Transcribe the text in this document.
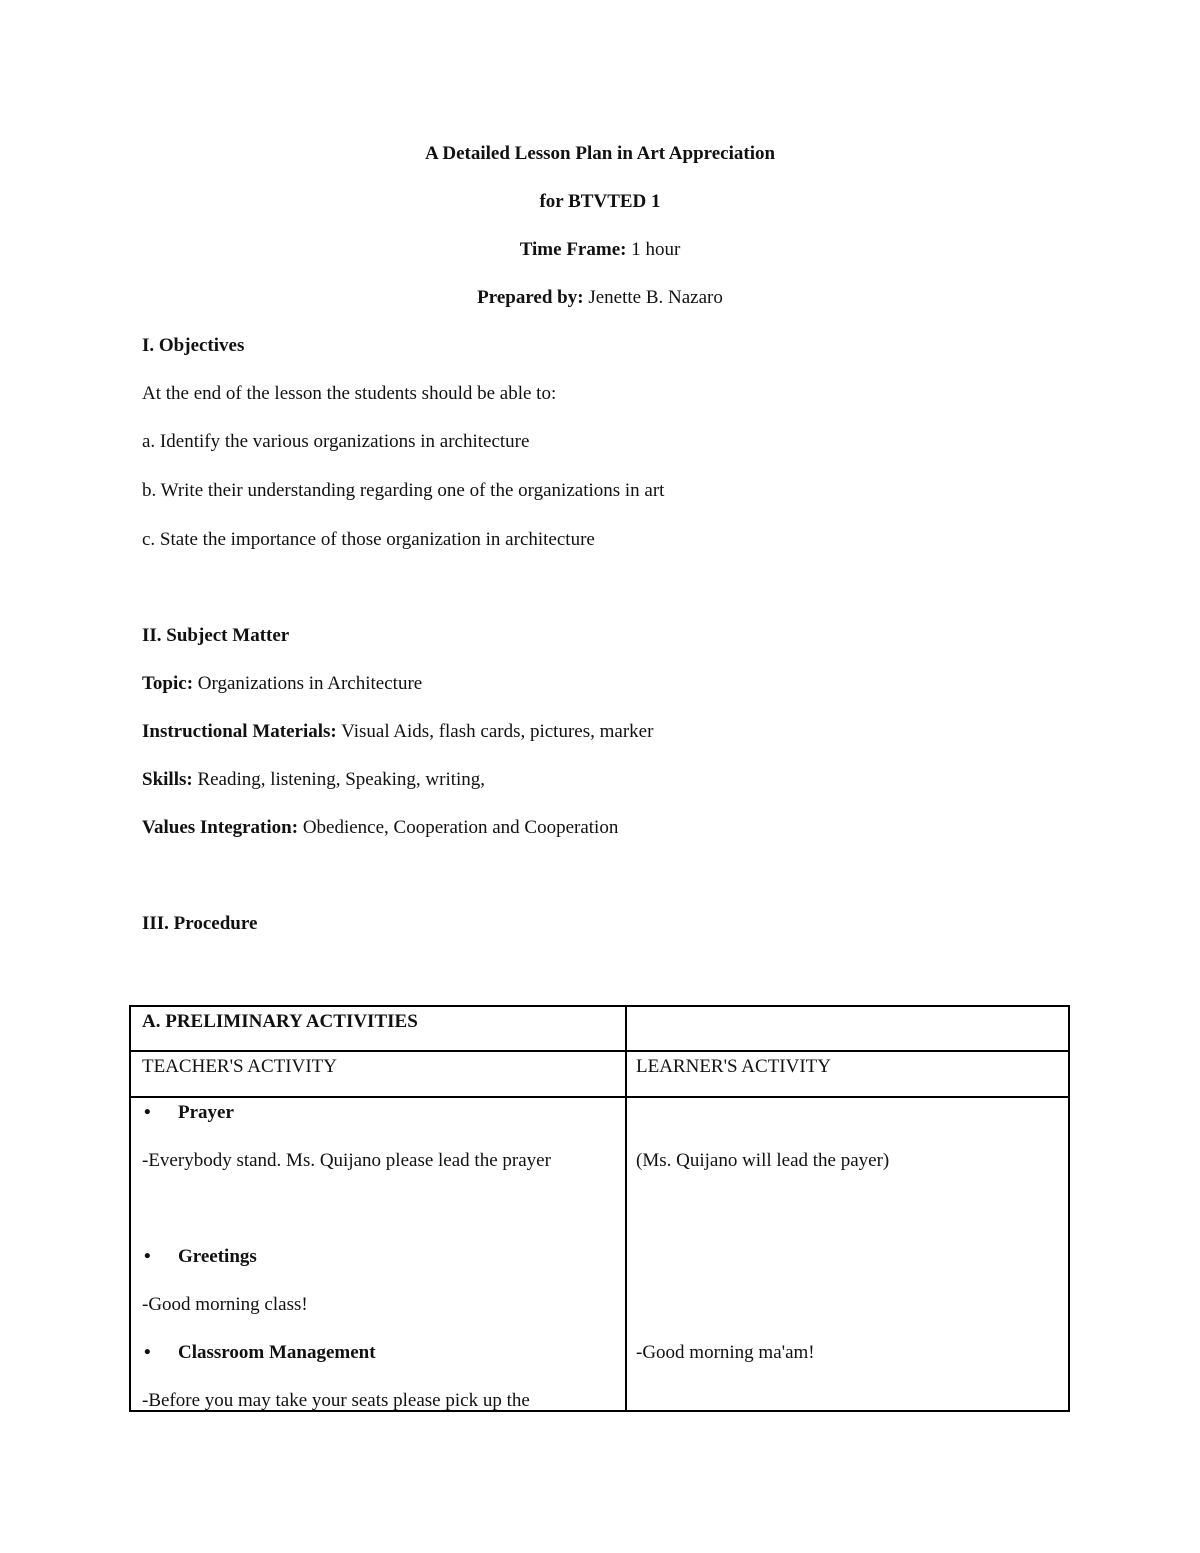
A Detailed Lesson Plan in Art Appreciation
for BTVTED 1
Time Frame: 1 hour
Prepared by: Jenette B. Nazaro
I. Objectives
At the end of the lesson the students should be able to:
a. Identify the various organizations in architecture
b. Write their understanding regarding one of the organizations in art
c. State the importance of those organization in architecture
II. Subject Matter
Topic: Organizations in Architecture
Instructional Materials: Visual Aids, flash cards, pictures, marker
Skills: Reading, listening, Speaking, writing,
Values Integration: Obedience, Cooperation and Cooperation
III. Procedure
A. PRELIMINARY ACTIVITIES
TEACHER'S ACTIVITY	LEARNER'S ACTIVITY
• Prayer
-Everybody stand. Ms. Quijano please lead the prayer
• Greetings
-Good morning class!
• Classroom Management
-Before you may take your seats please pick up the
(Ms. Quijano will lead the payer)
-Good morning ma'am!
